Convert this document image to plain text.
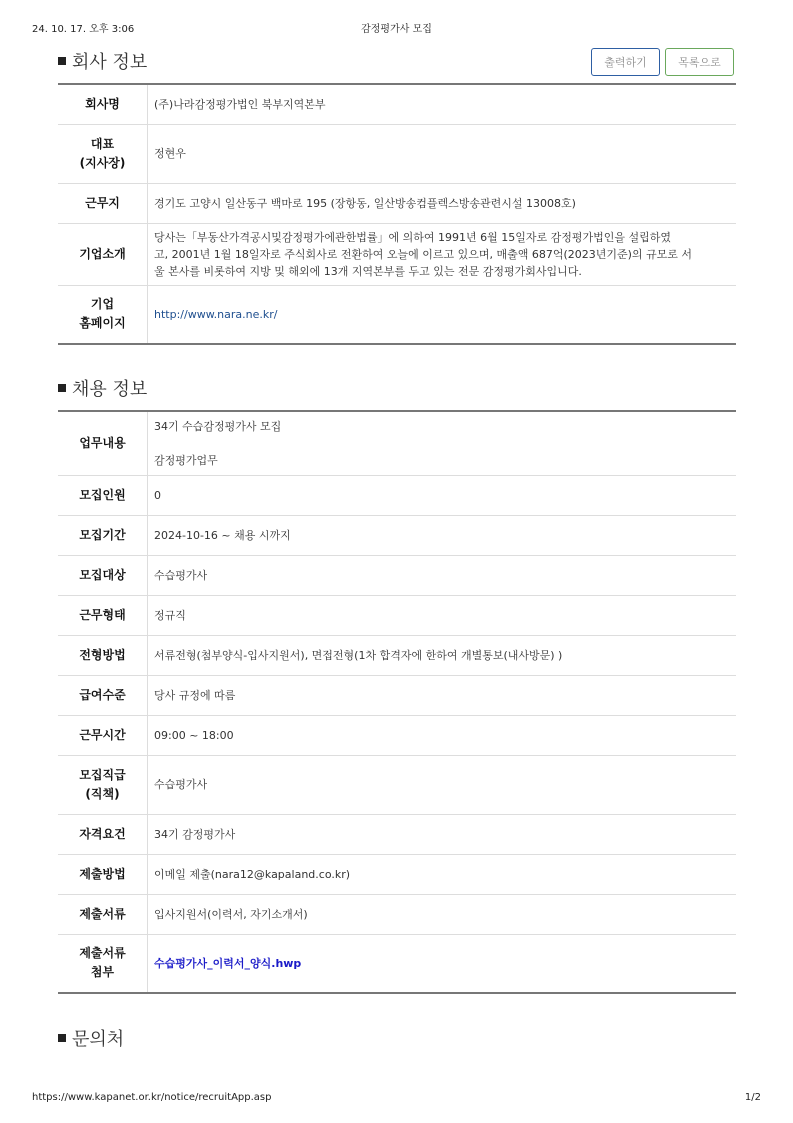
24. 10. 17. 오후 3:06	감정평가사 모집
회사 정보	출력하기	목록으로
회사명	(주)나라감정평가법인 북부지역본부

대표
(지사장)	정현우
근무지	경기도 고양시 일산동구 백마로 195 (장항동, 일산방송컴플렉스방송관련시설 13008호)
기업소개	당사는「부동산가격공시및감정평가에관한법률」에 의하여 1991년 6월 15일자로 감정평가법인을 설립하였
고, 2001년 1월 18일자로 주식회사로 전환하여 오늘에 이르고 있으며, 매출액 687억(2023년기준)의 규모로 서
울 본사를 비롯하여 지방 및 해외에 13개 지역본부를 두고 있는 전문 감정평가회사입니다.

기업
홈페이지	http://www.nara.ne.kr/
채용 정보
업무내용	34기 수습감정평가사 모집
감정평가업무

모집인원	0
모집기간	2024-10-16 ~ 채용 시까지
모집대상	수습평가사
근무형태	정규직
전형방법	서류전형(첨부양식-입사지원서), 면접전형(1차 합격자에 한하여 개별통보(내사방문) )
급여수준	당사 규정에 따름
근무시간	09:00 ~ 18:00

모집직급
(직책)	수습평가사
자격요건	34기 감정평가사
제출방법	이메일 제출(nara12@kapaland.co.kr)
제출서류	입사지원서(이력서, 자기소개서)

제출서류
첨부	수습평가사_이력서_양식.hwp
문의처
https://www.kapanet.or.kr/notice/recruitApp.asp	1/2
